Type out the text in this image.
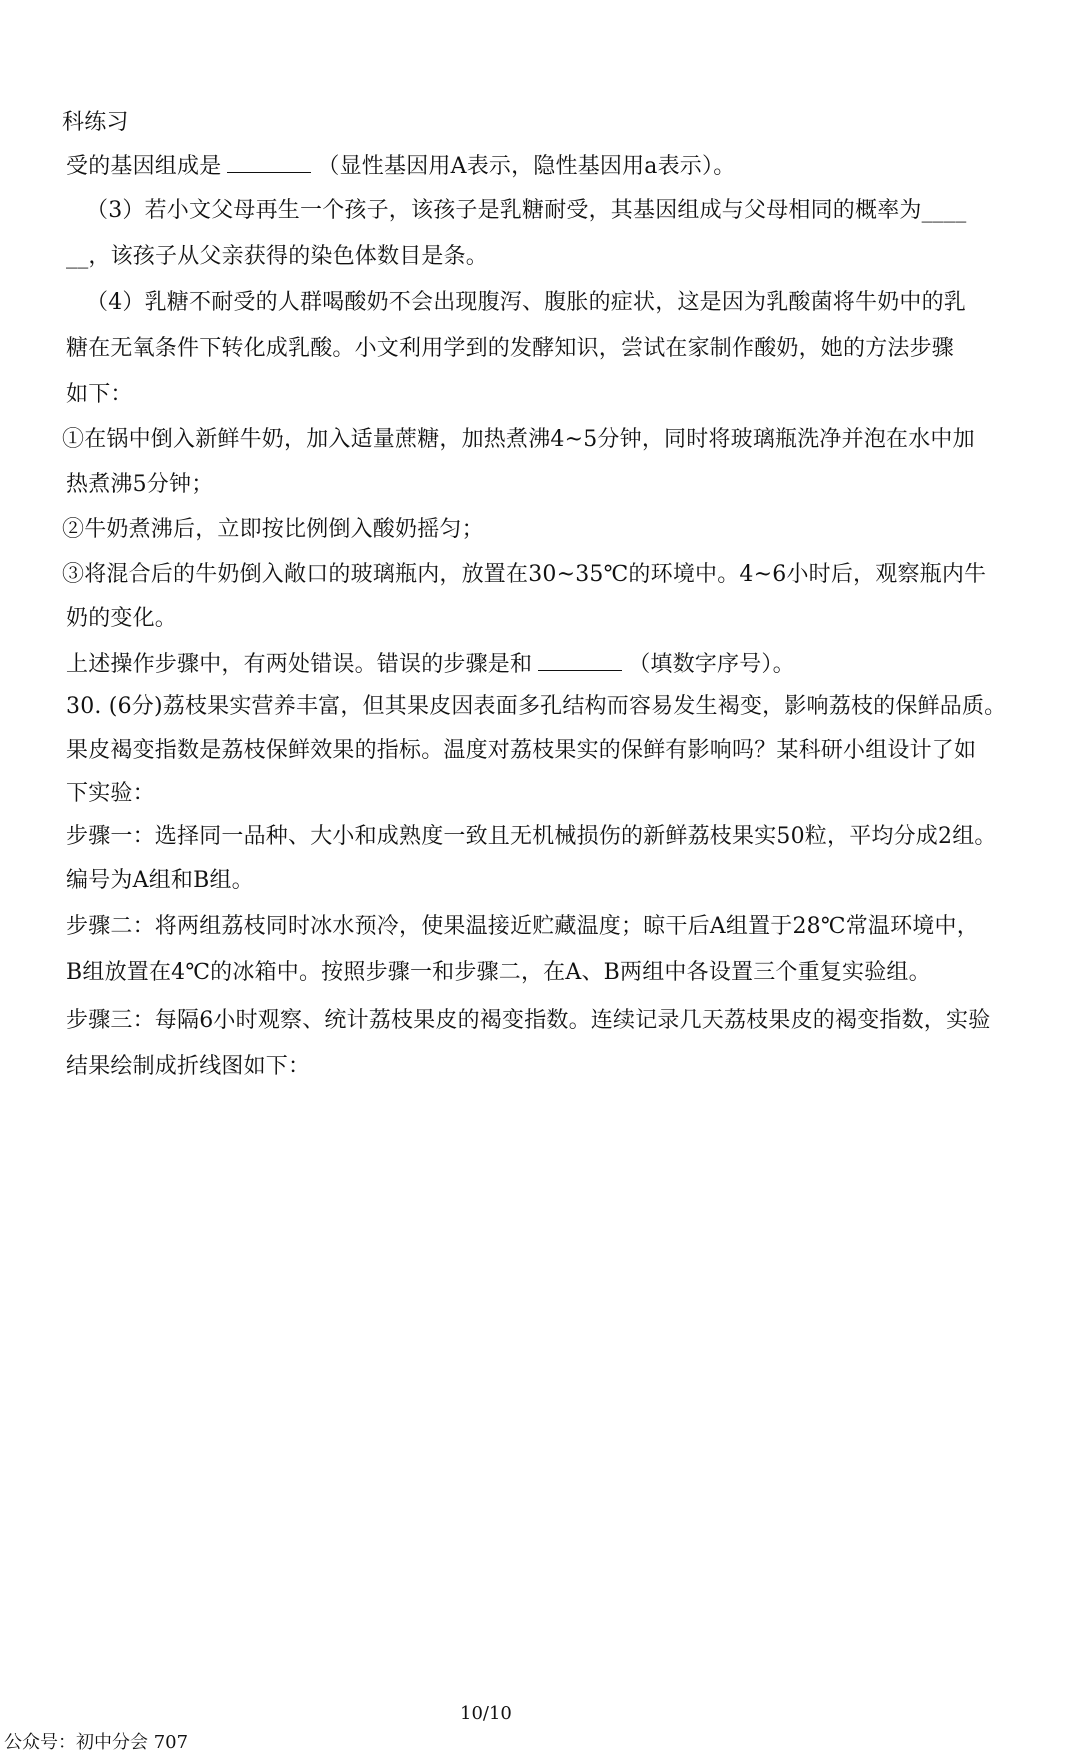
科练习
受的基因组成是	（显性基因用A表示，隐性基因用a表示）。
（3）若小文父母再生一个孩子，该孩子是乳糖耐受，其基因组成与父母相同的概率为____
__，该孩子从父亲获得的染色体数目是条。
（4）乳糖不耐受的人群喝酸奶不会出现腹泻、腹胀的症状，这是因为乳酸菌将牛奶中的乳
糖在无氧条件下转化成乳酸。小文利用学到的发酵知识，尝试在家制作酸奶，她的方法步骤
如下：
①在锅中倒入新鲜牛奶，加入适量蔗糖，加热煮沸4~5分钟，同时将玻璃瓶洗净并泡在水中加
热煮沸5分钟；
②牛奶煮沸后，立即按比例倒入酸奶摇匀；
③将混合后的牛奶倒入敞口的玻璃瓶内，放置在30~35℃的环境中。4~6小时后，观察瓶内牛
奶的变化。
上述操作步骤中，有两处错误。错误的步骤是和	（填数字序号）。
30. (6分)荔枝果实营养丰富，但其果皮因表面多孔结构而容易发生褐变，影响荔枝的保鲜品质。
果皮褐变指数是荔枝保鲜效果的指标。温度对荔枝果实的保鲜有影响吗？某科研小组设计了如
下实验：
步骤一：选择同一品种、大小和成熟度一致且无机械损伤的新鲜荔枝果实50粒，平均分成2组。
编号为A组和B组。
步骤二：将两组荔枝同时冰水预冷，使果温接近贮藏温度；晾干后A组置于28℃常温环境中，
B组放置在4℃的冰箱中。按照步骤一和步骤二，在A、B两组中各设置三个重复实验组。
步骤三：每隔6小时观察、统计荔枝果皮的褐变指数。连续记录几天荔枝果皮的褐变指数，实验
结果绘制成折线图如下：
10/10
公众号：初中分会 707
